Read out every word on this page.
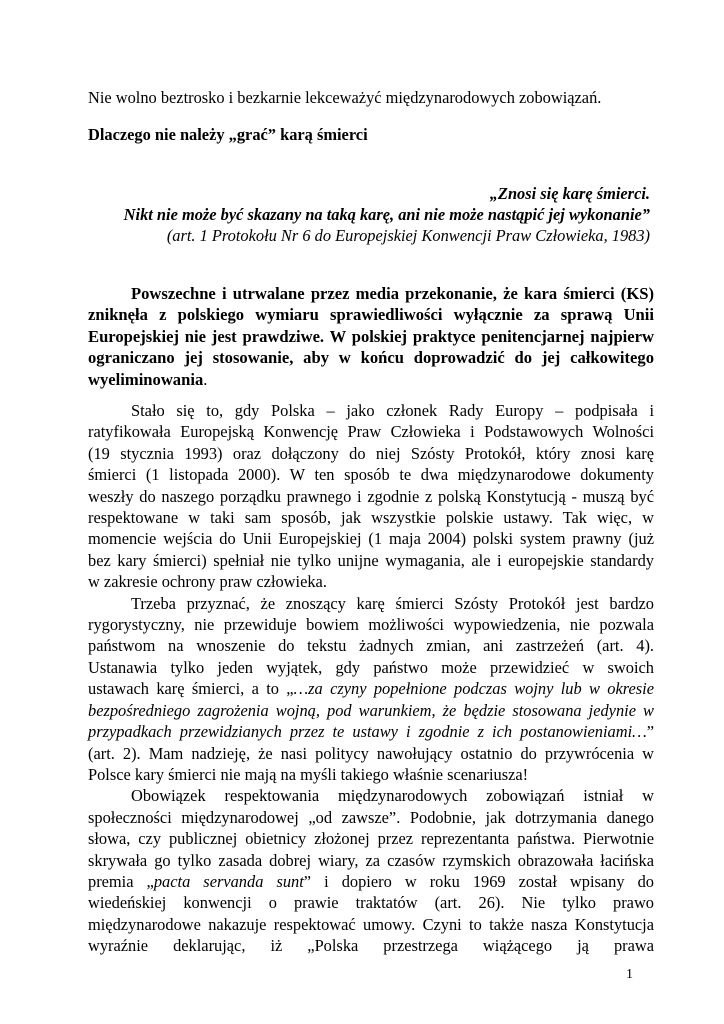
Nie wolno beztrosko i bezkarnie lekceważyć międzynarodowych zobowiązań.
Dlaczego nie należy „grać” karą śmierci
„Znosi się karę śmierci.
Nikt nie może być skazany na taką karę, ani nie może nastąpić jej wykonanie”
(art. 1 Protokołu Nr 6 do Europejskiej Konwencji Praw Człowieka, 1983)
Powszechne i utrwalane przez media przekonanie, że kara śmierci (KS) zniknęła z polskiego wymiaru sprawiedliwości wyłącznie za sprawą Unii Europejskiej nie jest prawdziwe. W polskiej praktyce penitencjarnej najpierw ograniczano jej stosowanie, aby w końcu doprowadzić do jej całkowitego wyeliminowania.
Stało się to, gdy Polska – jako członek Rady Europy – podpisała i
ratyfikowała Europejską Konwencję Praw Człowieka i Podstawowych Wolności
(19 stycznia 1993) oraz dołączony do niej Szósty Protokół, który znosi karę
śmierci (1 listopada 2000). W ten sposób te dwa międzynarodowe dokumenty
weszły do naszego porządku prawnego i zgodnie z polską Konstytucją - muszą być
respektowane w taki sam sposób, jak wszystkie polskie ustawy. Tak więc, w
momencie wejścia do Unii Europejskiej (1 maja 2004) polski system prawny (już
bez kary śmierci) spełniał nie tylko unijne wymagania, ale i europejskie standardy
w zakresie ochrony praw człowieka.
Trzeba przyznać, że znoszący karę śmierci Szósty Protokół jest bardzo
rygorystyczny, nie przewiduje bowiem możliwości wypowiedzenia, nie pozwala
państwom na wnoszenie do tekstu żadnych zmian, ani zastrzeżeń (art. 4).
Ustanawia tylko jeden wyjątek, gdy państwo może przewidzieć w swoich
ustawach karę śmierci, a to „…za czyny popełnione podczas wojny lub w okresie
bezpośredniego zagrożenia wojną, pod warunkiem, że będzie stosowana jedynie w
przypadkach przewidzianych przez te ustawy i zgodnie z ich postanowieniami…”
(art. 2). Mam nadzieję, że nasi politycy nawołujący ostatnio do przywrócenia w
Polsce kary śmierci nie mają na myśli takiego właśnie scenariusza!
Obowiązek respektowania międzynarodowych zobowiązań istniał w
społeczności międzynarodowej „od zawsze”. Podobnie, jak dotrzymania danego
słowa, czy publicznej obietnicy złożonej przez reprezentanta państwa. Pierwotnie
skrywała go tylko zasada dobrej wiary, za czasów rzymskich obrazowała łacińska
premia „pacta servanda sunt” i dopiero w roku 1969 został wpisany do
wiedeńskiej konwencji o prawie traktatów (art. 26). Nie tylko prawo
międzynarodowe nakazuje respektować umowy. Czyni to także nasza Konstytucja
wyraźnie deklarując, iż „Polska przestrzega wiążącego ją prawa
1
